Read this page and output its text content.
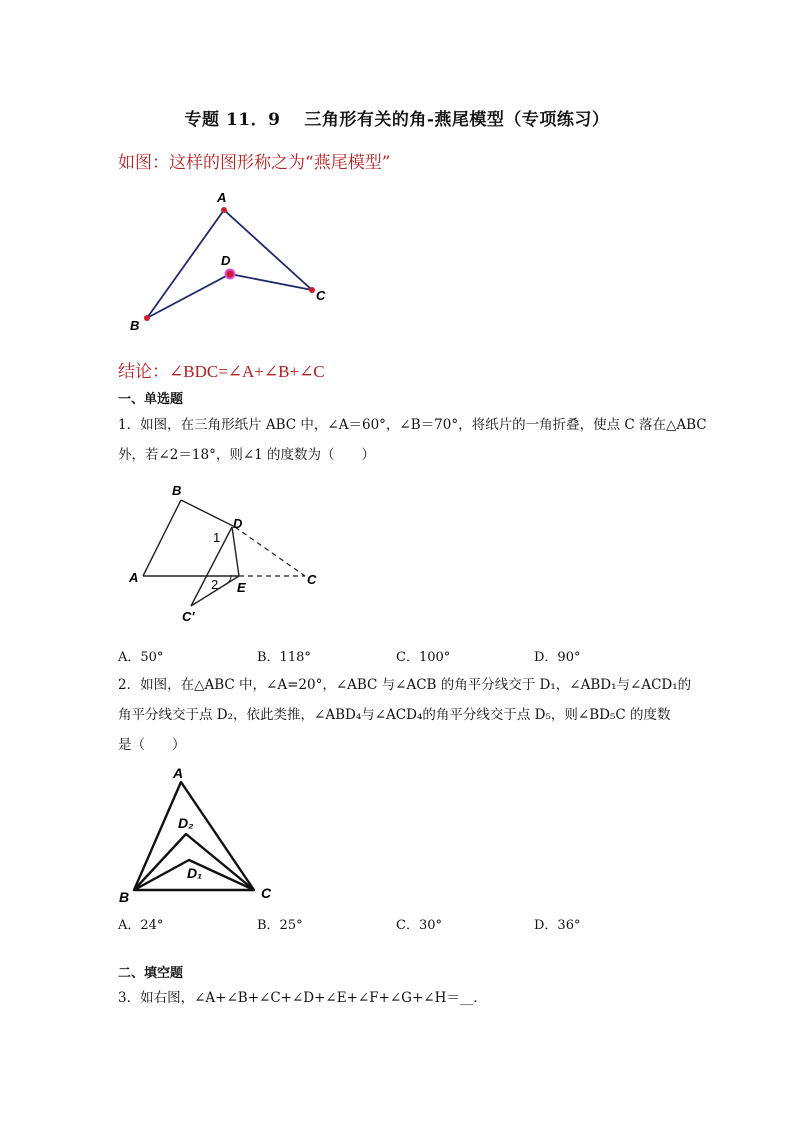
专题 11．9　 三角形有关的角-燕尾模型（专项练习）
如图：这样的图形称之为“燕尾模型”
A
B
C
D
结论：∠BDC=∠A+∠B+∠C
一、单选题
1．如图，在三角形纸片 ABC 中，∠A＝60°，∠B＝70°，将纸片的一角折叠，使点 C 落在△ABC
外，若∠2＝18°，则∠1 的度数为（　　）
B
D
A
E
C
C′
1
2
A．50°	B．118°	C．100°	D．90°
2．如图，在△ABC 中，∠A=20°，∠ABC 与∠ACB 的角平分线交于 D₁，∠ABD₁与∠ACD₁的
角平分线交于点 D₂，依此类推，∠ABD₄与∠ACD₄的角平分线交于点 D₅，则∠BD₅C 的度数
是（　　）
A
B	C
D₂
D₁
A．24°	B．25°	C．30°	D．36°
二、填空题
3．如右图，∠A+∠B+∠C+∠D+∠E+∠F+∠G+∠H＝__．
